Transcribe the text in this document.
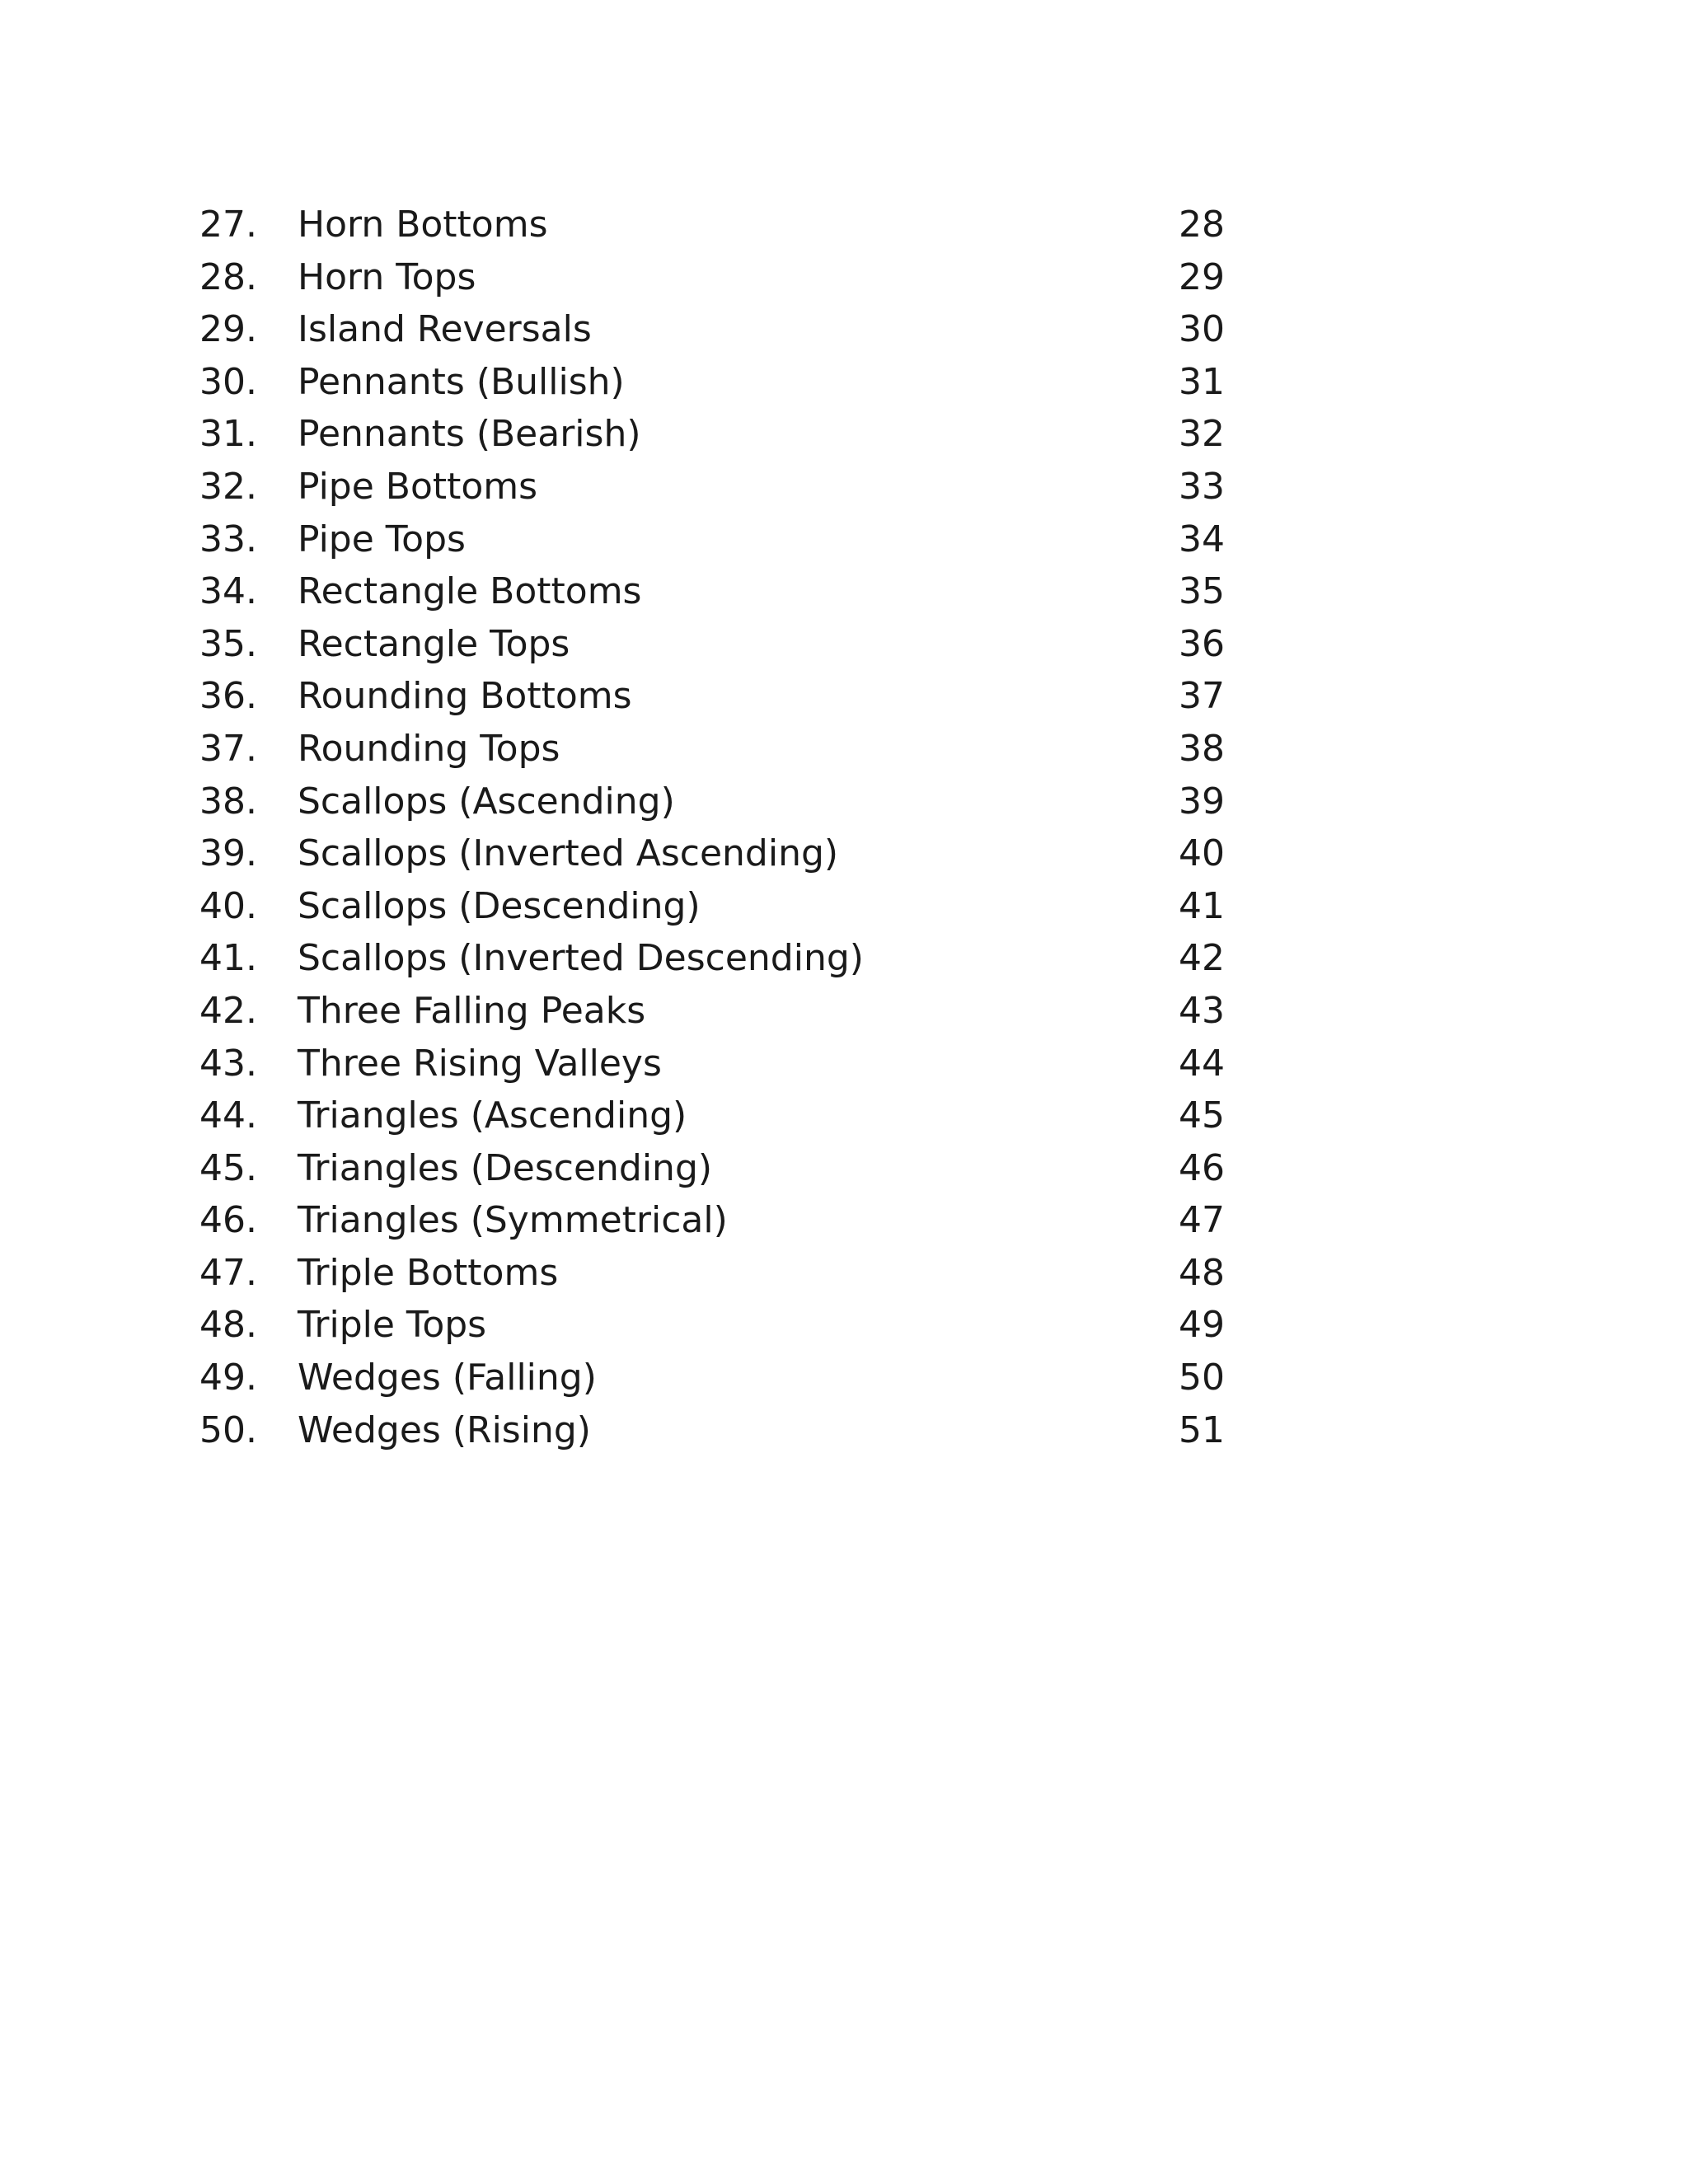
27. Horn Bottoms	28
28. Horn Tops	29
29. Island Reversals	30
30. Pennants (Bullish)	31
31. Pennants (Bearish)	32
32. Pipe Bottoms	33
33. Pipe Tops	34
34. Rectangle Bottoms	35
35. Rectangle Tops	36
36. Rounding Bottoms	37
37. Rounding Tops	38
38. Scallops (Ascending)	39
39. Scallops (Inverted Ascending)	40
40. Scallops (Descending)	41
41. Scallops (Inverted Descending)	42
42. Three Falling Peaks	43
43. Three Rising Valleys	44
44. Triangles (Ascending)	45
45. Triangles (Descending)	46
46. Triangles (Symmetrical)	47
47. Triple Bottoms	48
48. Triple Tops	49
49. Wedges (Falling)	50
50. Wedges (Rising)	51
